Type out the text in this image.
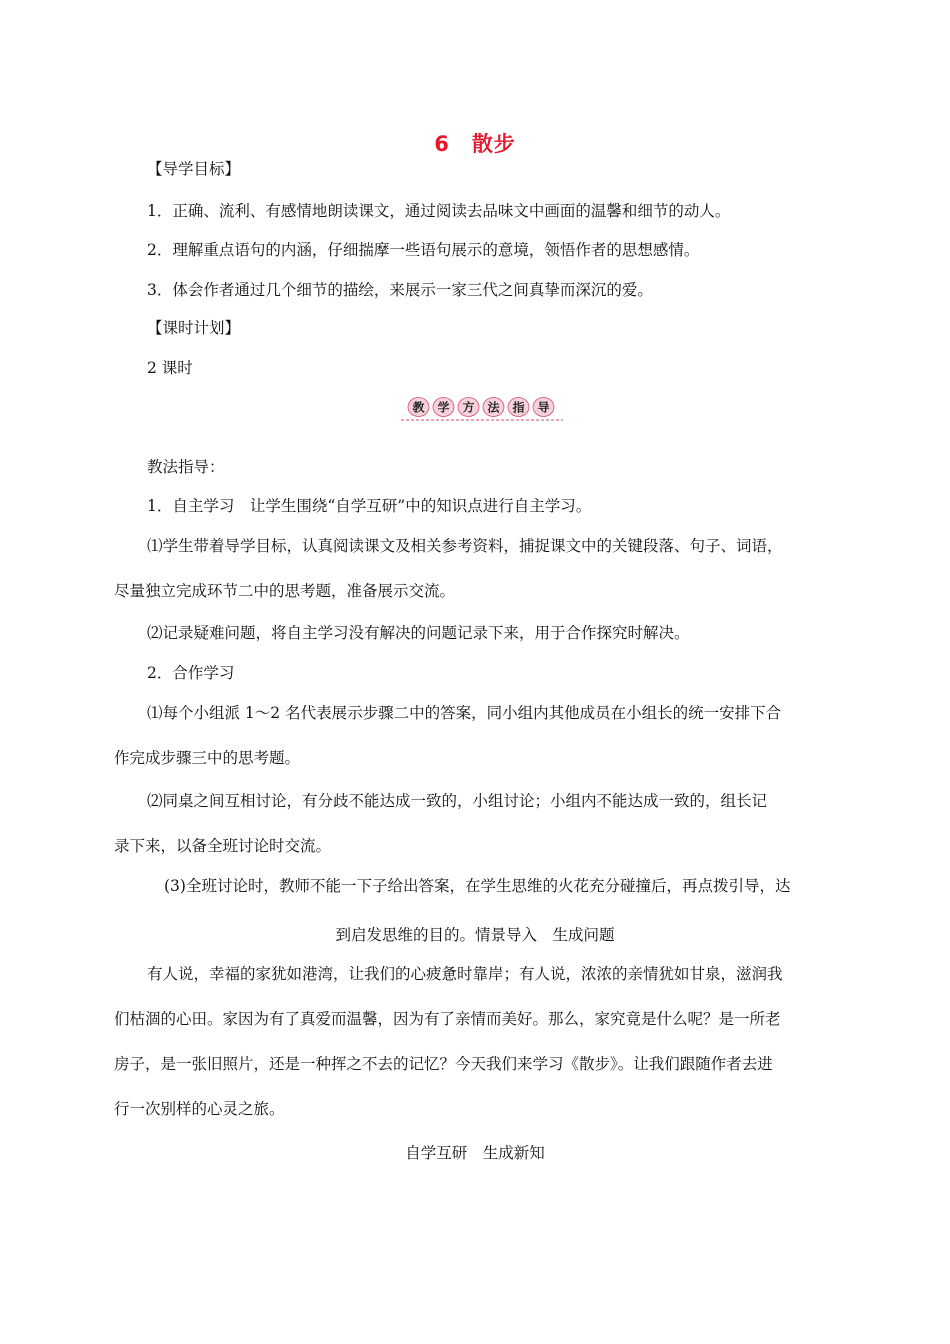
6 散步
【导学目标】
1．正确、流利、有感情地朗读课文，通过阅读去品味文中画面的温馨和细节的动人。
2．理解重点语句的内涵，仔细揣摩一些语句展示的意境，领悟作者的思想感情。
3．体会作者通过几个细节的描绘，来展示一家三代之间真挚而深沉的爱。
【课时计划】
2 课时
教 学 方 法 指 导
教法指导：
1．自主学习　让学生围绕“自学互研”中的知识点进行自主学习。
⑴学生带着导学目标，认真阅读课文及相关参考资料，捕捉课文中的关键段落、句子、词语，
尽量独立完成环节二中的思考题，准备展示交流。
⑵记录疑难问题，将自主学习没有解决的问题记录下来，用于合作探究时解决。
2．合作学习
⑴每个小组派 1～2 名代表展示步骤二中的答案，同小组内其他成员在小组长的统一安排下合
作完成步骤三中的思考题。
⑵同桌之间互相讨论，有分歧不能达成一致的，小组讨论；小组内不能达成一致的，组长记
录下来，以备全班讨论时交流。
(3)全班讨论时，教师不能一下子给出答案，在学生思维的火花充分碰撞后，再点拨引导，达
到启发思维的目的。情景导入　生成问题
有人说，幸福的家犹如港湾，让我们的心疲惫时靠岸；有人说，浓浓的亲情犹如甘泉，滋润我
们枯涸的心田。家因为有了真爱而温馨，因为有了亲情而美好。那么，家究竟是什么呢？是一所老
房子，是一张旧照片，还是一种挥之不去的记忆？今天我们来学习《散步》。让我们跟随作者去进
行一次别样的心灵之旅。
自学互研　生成新知
